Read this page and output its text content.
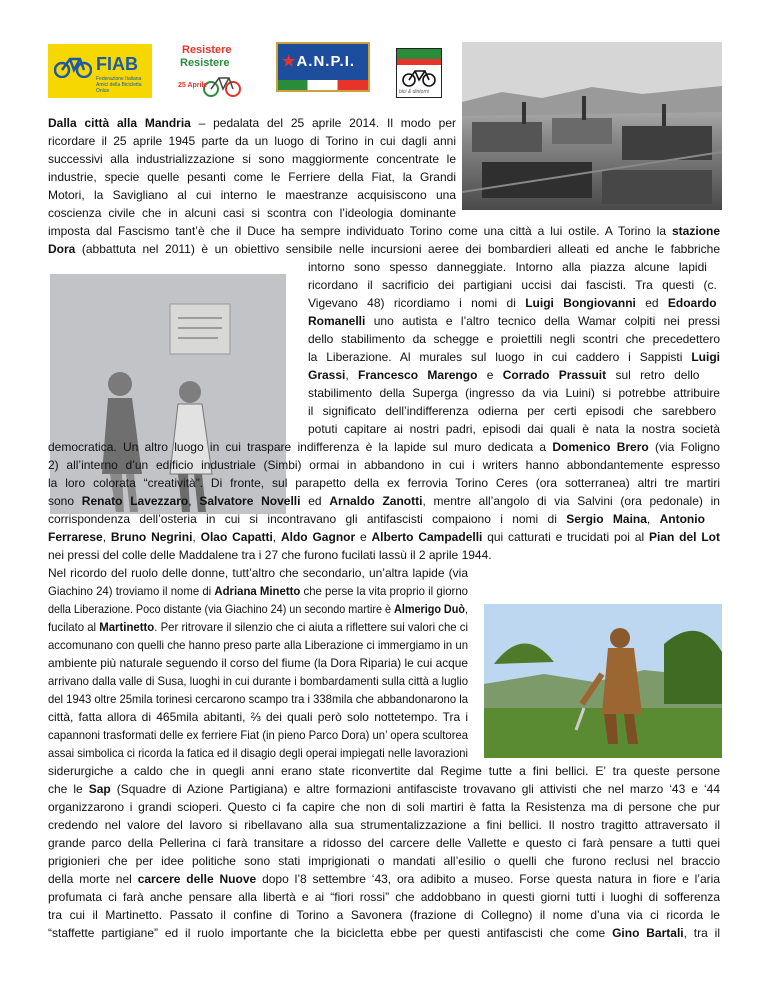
FIAB
Federazione Italiana Amici della Bicicletta Onlus
Resistere
Resistere
25 Aprile
★A.N.P.I.
bici & dintorni
Dalla città alla Mandria – pedalata del 25 aprile 2014. Il modo per
ricordare il 25 aprile 1945 parte da un luogo di Torino in cui dagli anni
successivi alla industrializzazione si sono maggiormente concentrate le
industrie, specie quelle pesanti come le Ferriere della Fiat, la Grandi
Motori, la Savigliano al cui interno le maestranze acquisiscono una
coscienza civile che in alcuni casi si scontra con l’ideologia dominante
imposta dal Fascismo tant’è che il Duce ha sempre individuato Torino come una città a lui ostile. A Torino la stazione
Dora (abbattuta nel 2011) è un obiettivo sensibile nelle incursioni aeree dei bombardieri alleati ed anche le fabbriche
intorno sono spesso danneggiate. Intorno alla piazza alcune lapidi
ricordano il sacrificio dei partigiani uccisi dai fascisti. Tra questi (c.
Vigevano 48) ricordiamo i nomi di Luigi Bongiovanni ed Edoardo
Romanelli uno autista e l’altro tecnico della Wamar colpiti nei pressi
dello stabilimento da schegge e proiettili negli scontri che precedettero
la Liberazione. Al murales sul luogo in cui caddero i Sappisti Luigi
Grassi, Francesco Marengo e Corrado Prassuit sul retro dello
stabilimento della Superga (ingresso da via Luini) si potrebbe attribuire
il significato dell’indifferenza odierna per certi episodi che sarebbero
potuti capitare ai nostri padri, episodi dai quali è nata la nostra società
democratica. Un altro luogo in cui traspare indifferenza è la lapide sul muro dedicata a Domenico Brero (via Foligno
2) all’interno d’un edificio industriale (Simbi) ormai in abbandono in cui i writers hanno abbondantemente espresso
la loro colorata “creatività”. Di fronte, sul parapetto della ex ferrovia Torino Ceres (ora sotterranea) altri tre martiri
sono Renato Lavezzaro, Salvatore Novelli ed Arnaldo Zanotti, mentre all’angolo di via Salvini (ora pedonale) in
corrispondenza dell’osteria in cui si incontravano gli antifascisti compaiono i nomi di Sergio Maina, Antonio
Ferrarese, Bruno Negrini, Olao Capatti, Aldo Gagnor e Alberto Campadelli qui catturati e trucidati poi al Pian del Lot
nei pressi del colle delle Maddalene tra i 27 che furono fucilati lassù il 2 aprile 1944.
Nel ricordo del ruolo delle donne, tutt’altro che secondario, un’altra lapide (via
Giachino 24) troviamo il nome di Adriana Minetto che perse la vita proprio il giorno
della Liberazione. Poco distante (via Giachino 24) un secondo martire è Almerigo Duò,
fucilato al Martinetto. Per ritrovare il silenzio che ci aiuta a riflettere sui valori che ci
accomunano con quelli che hanno preso parte alla Liberazione ci immergiamo in un
ambiente più naturale seguendo il corso del fiume (la Dora Riparia) le cui acque
arrivano dalla valle di Susa, luoghi in cui durante i bombardamenti sulla città a luglio
del 1943 oltre 25mila torinesi cercarono scampo tra i 338mila che abbandonarono la
città, fatta allora di 465mila abitanti, ⅔ dei quali però solo nottetempo. Tra i
capannoni trasformati delle ex ferriere Fiat (in pieno Parco Dora) un’ opera scultorea
assai simbolica ci ricorda la fatica ed il disagio degli operai impiegati nelle lavorazioni
siderurgiche a caldo che in quegli anni erano state riconvertite dal Regime tutte a fini bellici. E’ tra queste persone
che le Sap (Squadre di Azione Partigiana) e altre formazioni antifasciste trovavano gli attivisti che nel marzo ‘43 e ‘44
organizzarono i grandi scioperi. Questo ci fa capire che non di soli martiri è fatta la Resistenza ma di persone che pur
credendo nel valore del lavoro si ribellavano alla sua strumentalizzazione a fini bellici. Il nostro tragitto attraversato il
grande parco della Pellerina ci farà transitare a ridosso del carcere delle Vallette e questo ci farà pensare a tutti quei
prigionieri che per idee politiche sono stati imprigionati o mandati all’esilio o quelli che furono reclusi nel braccio
della morte nel carcere delle Nuove dopo l’8 settembre ‘43, ora adibito a museo. Forse questa natura in fiore e l’aria
profumata ci farà anche pensare alla libertà e ai “fiori rossi” che addobbano in questi giorni tutti i luoghi di sofferenza
tra cui il Martinetto. Passato il confine di Torino a Savonera (frazione di Collegno) il nome d’una via ci ricorda le
“staffette partigiane” ed il ruolo importante che la bicicletta ebbe per questi antifascisti che come Gino Bartali, tra il
